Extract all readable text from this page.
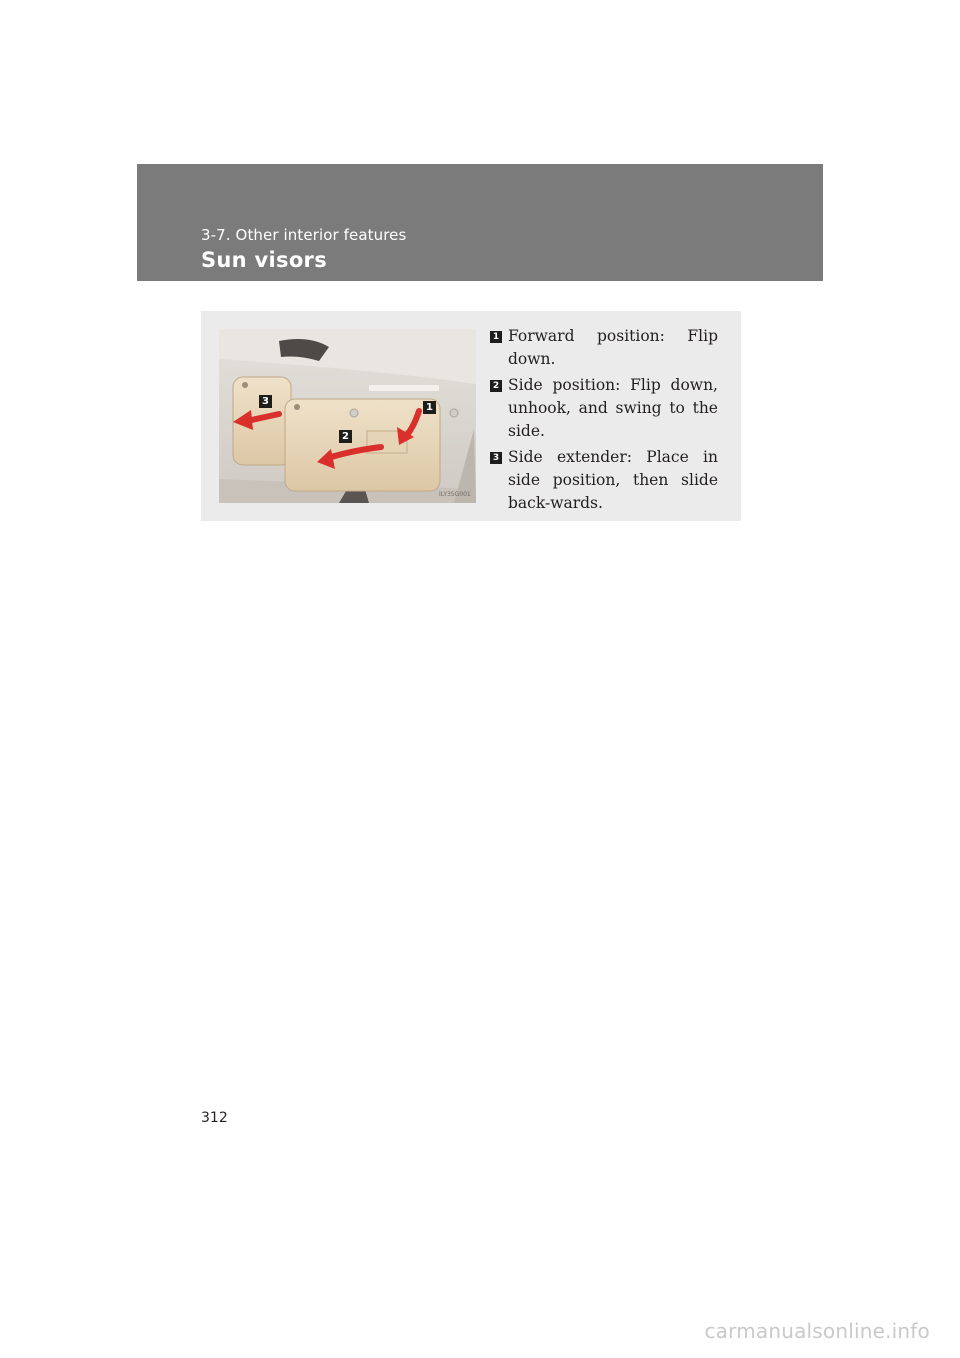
3-7. Other interior features
Sun visors
3
2
1
ILY35G001
1 Forward position: Flip down.
2 Side position: Flip down, unhook, and swing to the side.
3 Side extender: Place in side position, then slide back-wards.
312
carmanualsonline.info
